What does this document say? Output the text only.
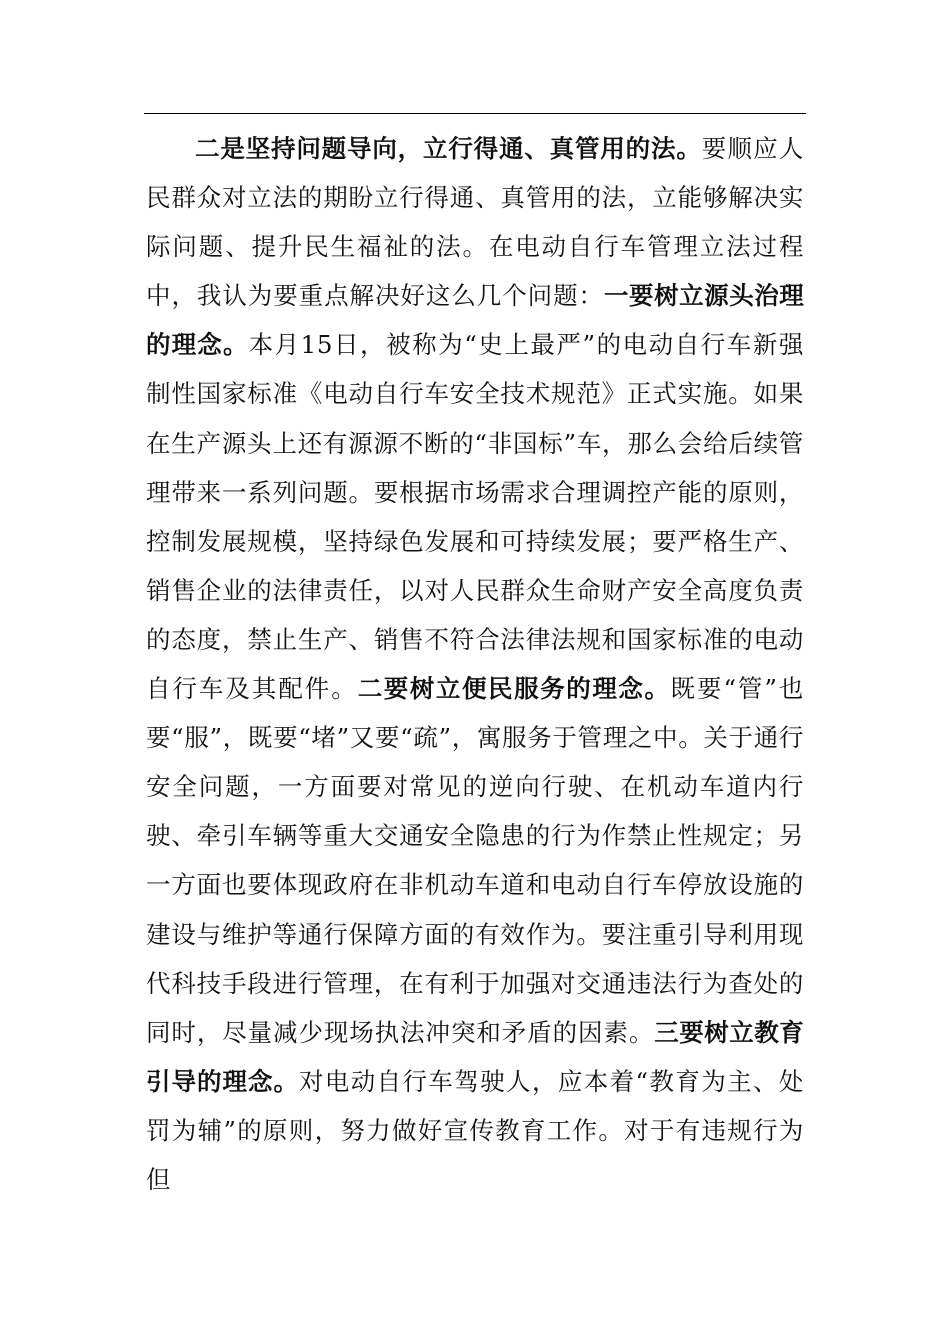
二是坚持问题导向，立行得通、真管用的法。要顺应人民群众对立法的期盼立行得通、真管用的法，立能够解决实际问题、提升民生福祉的法。在电动自行车管理立法过程中，我认为要重点解决好这么几个问题：一要树立源头治理的理念。本月15日，被称为“史上最严”的电动自行车新强制性国家标准《电动自行车安全技术规范》正式实施。如果在生产源头上还有源源不断的“非国标”车，那么会给后续管理带来一系列问题。要根据市场需求合理调控产能的原则，控制发展规模，坚持绿色发展和可持续发展；要严格生产、销售企业的法律责任，以对人民群众生命财产安全高度负责的态度，禁止生产、销售不符合法律法规和国家标准的电动自行车及其配件。二要树立便民服务的理念。既要“管”也要“服”，既要“堵”又要“疏”，寓服务于管理之中。关于通行安全问题，一方面要对常见的逆向行驶、在机动车道内行驶、牵引车辆等重大交通安全隐患的行为作禁止性规定；另一方面也要体现政府在非机动车道和电动自行车停放设施的建设与维护等通行保障方面的有效作为。要注重引导利用现代科技手段进行管理，在有利于加强对交通违法行为查处的同时，尽量减少现场执法冲突和矛盾的因素。三要树立教育引导的理念。对电动自行车驾驶人，应本着“教育为主、处罚为辅”的原则，努力做好宣传教育工作。对于有违规行为但
